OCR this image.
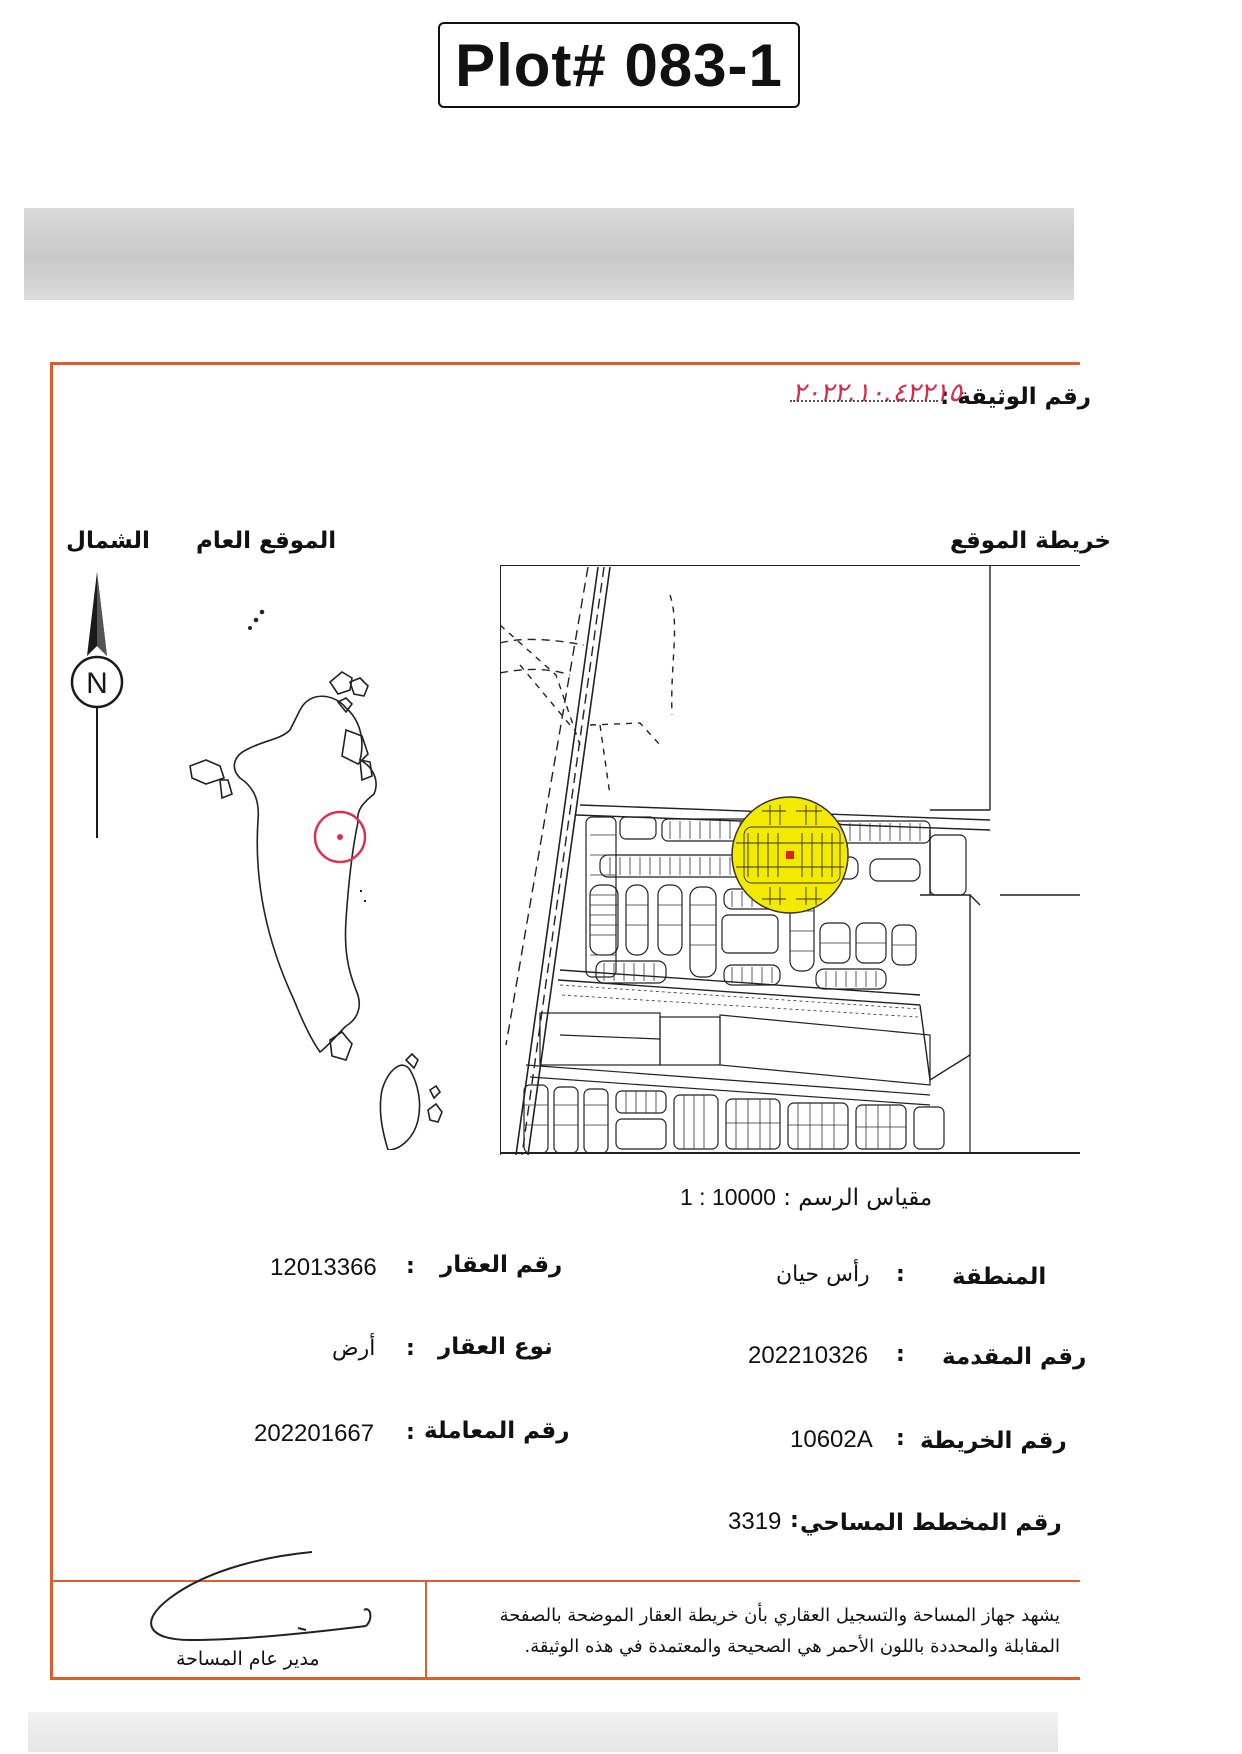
Plot# 083-1
رقم الوثيقة :
٢٠٢٢.١٠.٤٢٢١٥
الشمال الموقع العام	خريطة الموقع
N
مقياس الرسم : 1 : 10000
المنطقة
:
رأس حيان
رقم المقدمة
:
202210326
رقم الخريطة
:
10602A
رقم المخطط المساحي
:
3319
رقم العقار
:
12013366
نوع العقار
:
أرض
رقم المعاملة
:
202201667
يشهد جهاز المساحة والتسجيل العقاري بأن خريطة العقار الموضحة بالصفحة
المقابلة والمحددة باللون الأحمر هي الصحيحة والمعتمدة في هذه الوثيقة.
مدير عام المساحة
